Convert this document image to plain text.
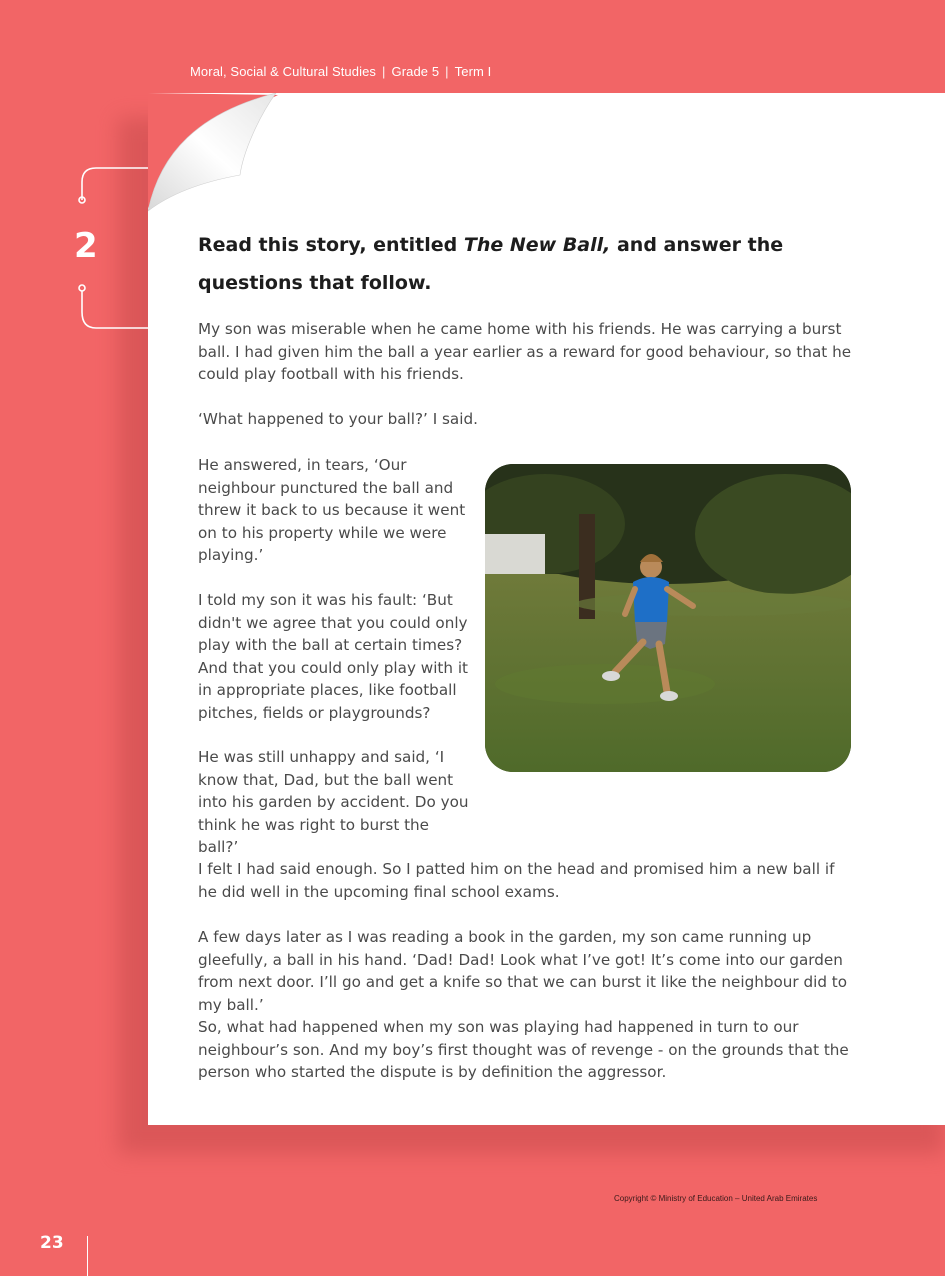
Moral, Social & Cultural Studies | Grade 5 | Term I
2	Read this story, entitled The New Ball, and answer the questions that follow.

My son was miserable when he came home with his friends. He was carrying a burst ball. I had given him the ball a year earlier as a reward for good behaviour, so that he could play football with his friends.

‘What happened to your ball?’ I said.

He answered, in tears, ‘Our neighbour punctured the ball and threw it back to us because it went on to his property while we were playing.’

I told my son it was his fault: ‘But didn't we agree that you could only play with the ball at certain times? And that you could only play with it in appropriate places, like football pitches, fields or playgrounds?

He was still unhappy and said, ‘I know that, Dad, but the ball went into his garden by accident. Do you think he was right to burst the ball?’

I felt I had said enough. So I patted him on the head and promised him a new ball if he did well in the upcoming final school exams.

A few days later as I was reading a book in the garden, my son came running up gleefully, a ball in his hand. ‘Dad! Dad! Look what I’ve got! It’s come into our garden from next door. I’ll go and get a knife so that we can burst it like the neighbour did to my ball.’

So, what had happened when my son was playing had happened in turn to our neighbour’s son. And my boy’s first thought was of revenge - on the grounds that the person who started the dispute is by definition the aggressor.

Copyright © Ministry of Education – United Arab Emirates
23
